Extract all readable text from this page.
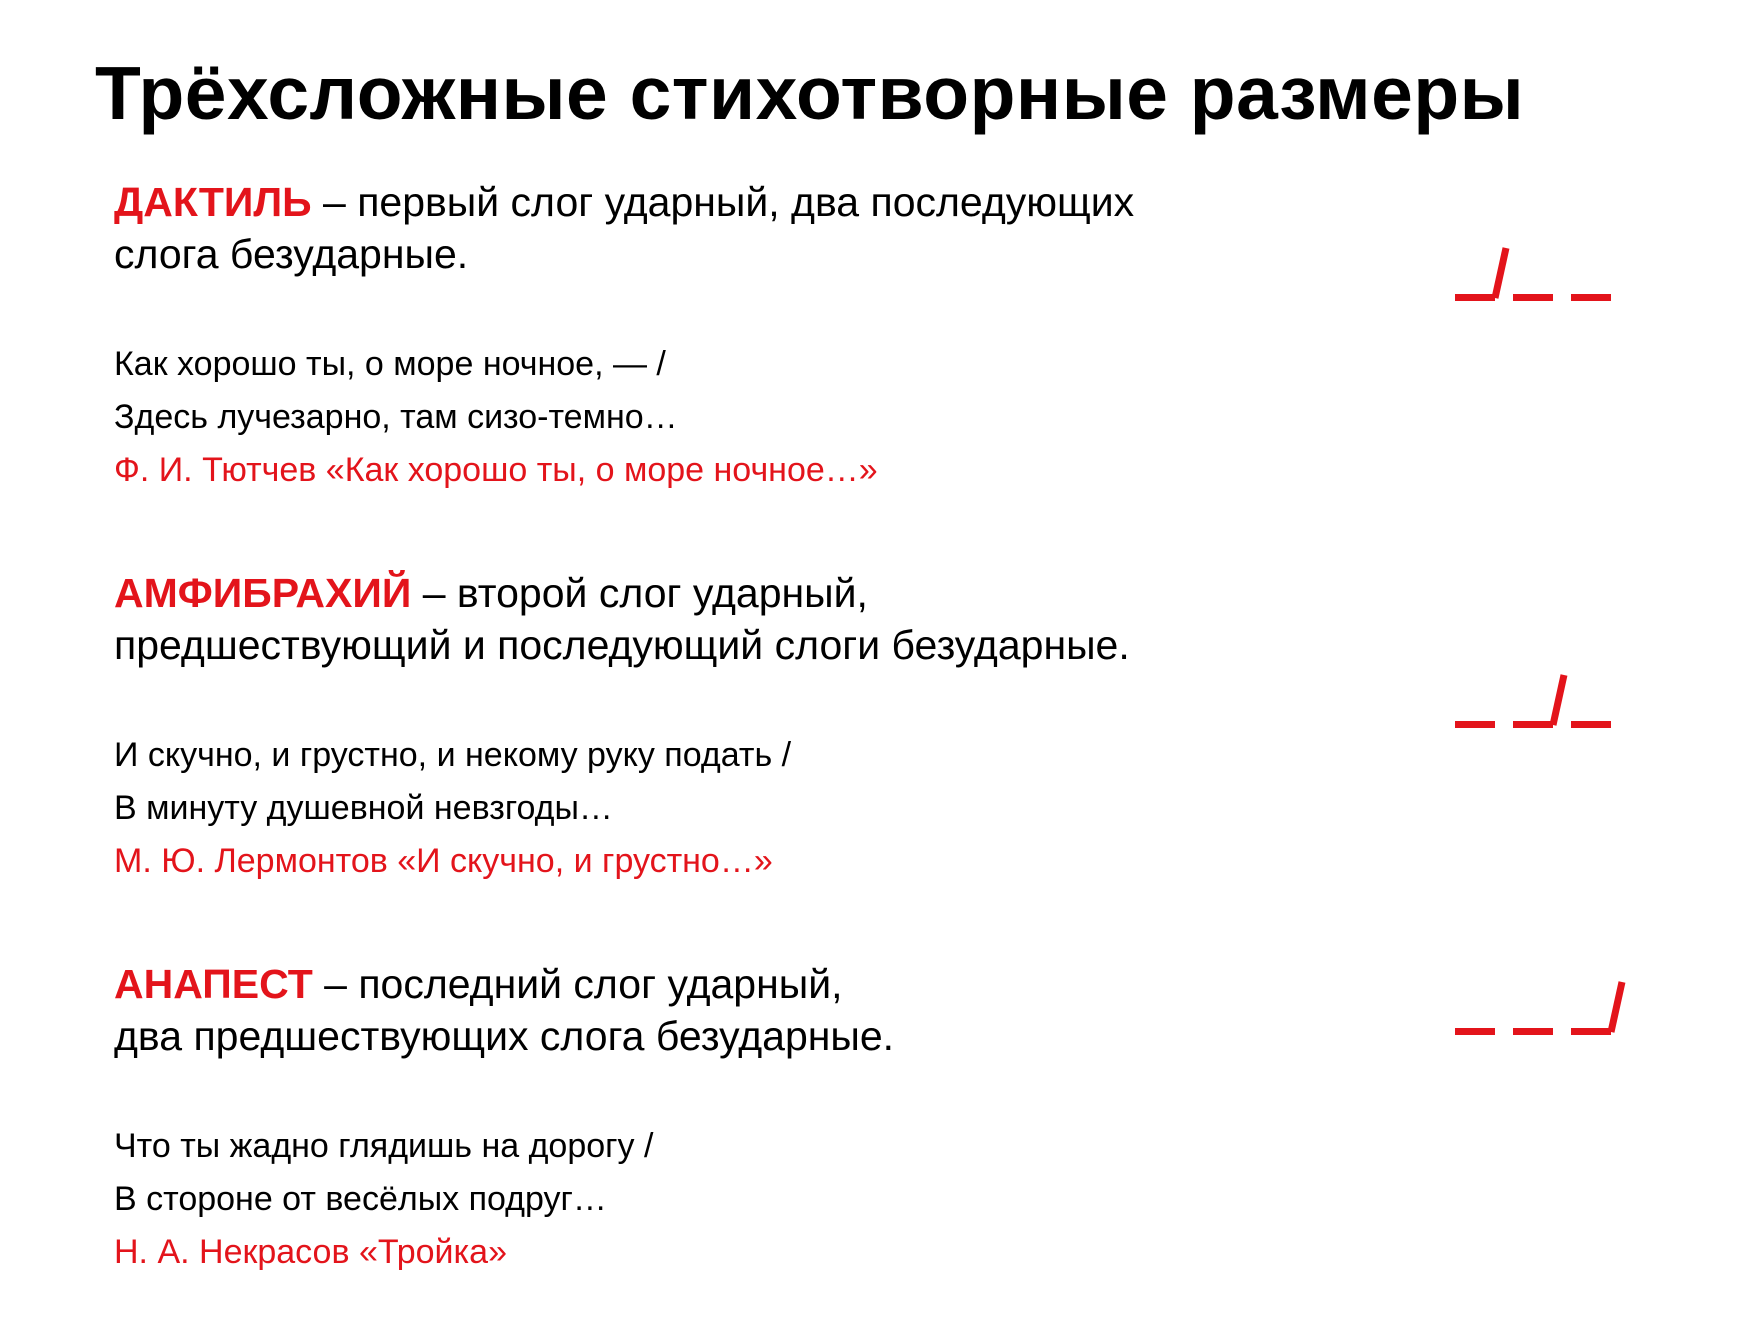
Трёхсложные стихотворные размеры

ДАКТИЛЬ – первый слог ударный, два последующих
слога безударные.

Как хорошо ты, о море ночное, — /
Здесь лучезарно, там сизо-темно…
Ф. И. Тютчев «Как хорошо ты, о море ночное…»

АМФИБРАХИЙ – второй слог ударный,
предшествующий и последующий слоги безударные.

И скучно, и грустно, и некому руку подать /
В минуту душевной невзгоды…
М. Ю. Лермонтов «И скучно, и грустно…»

АНАПЕСТ – последний слог ударный,
два предшествующих слога безударные.

Что ты жадно глядишь на дорогу /
В стороне от весёлых подруг…
Н. А. Некрасов «Тройка»
